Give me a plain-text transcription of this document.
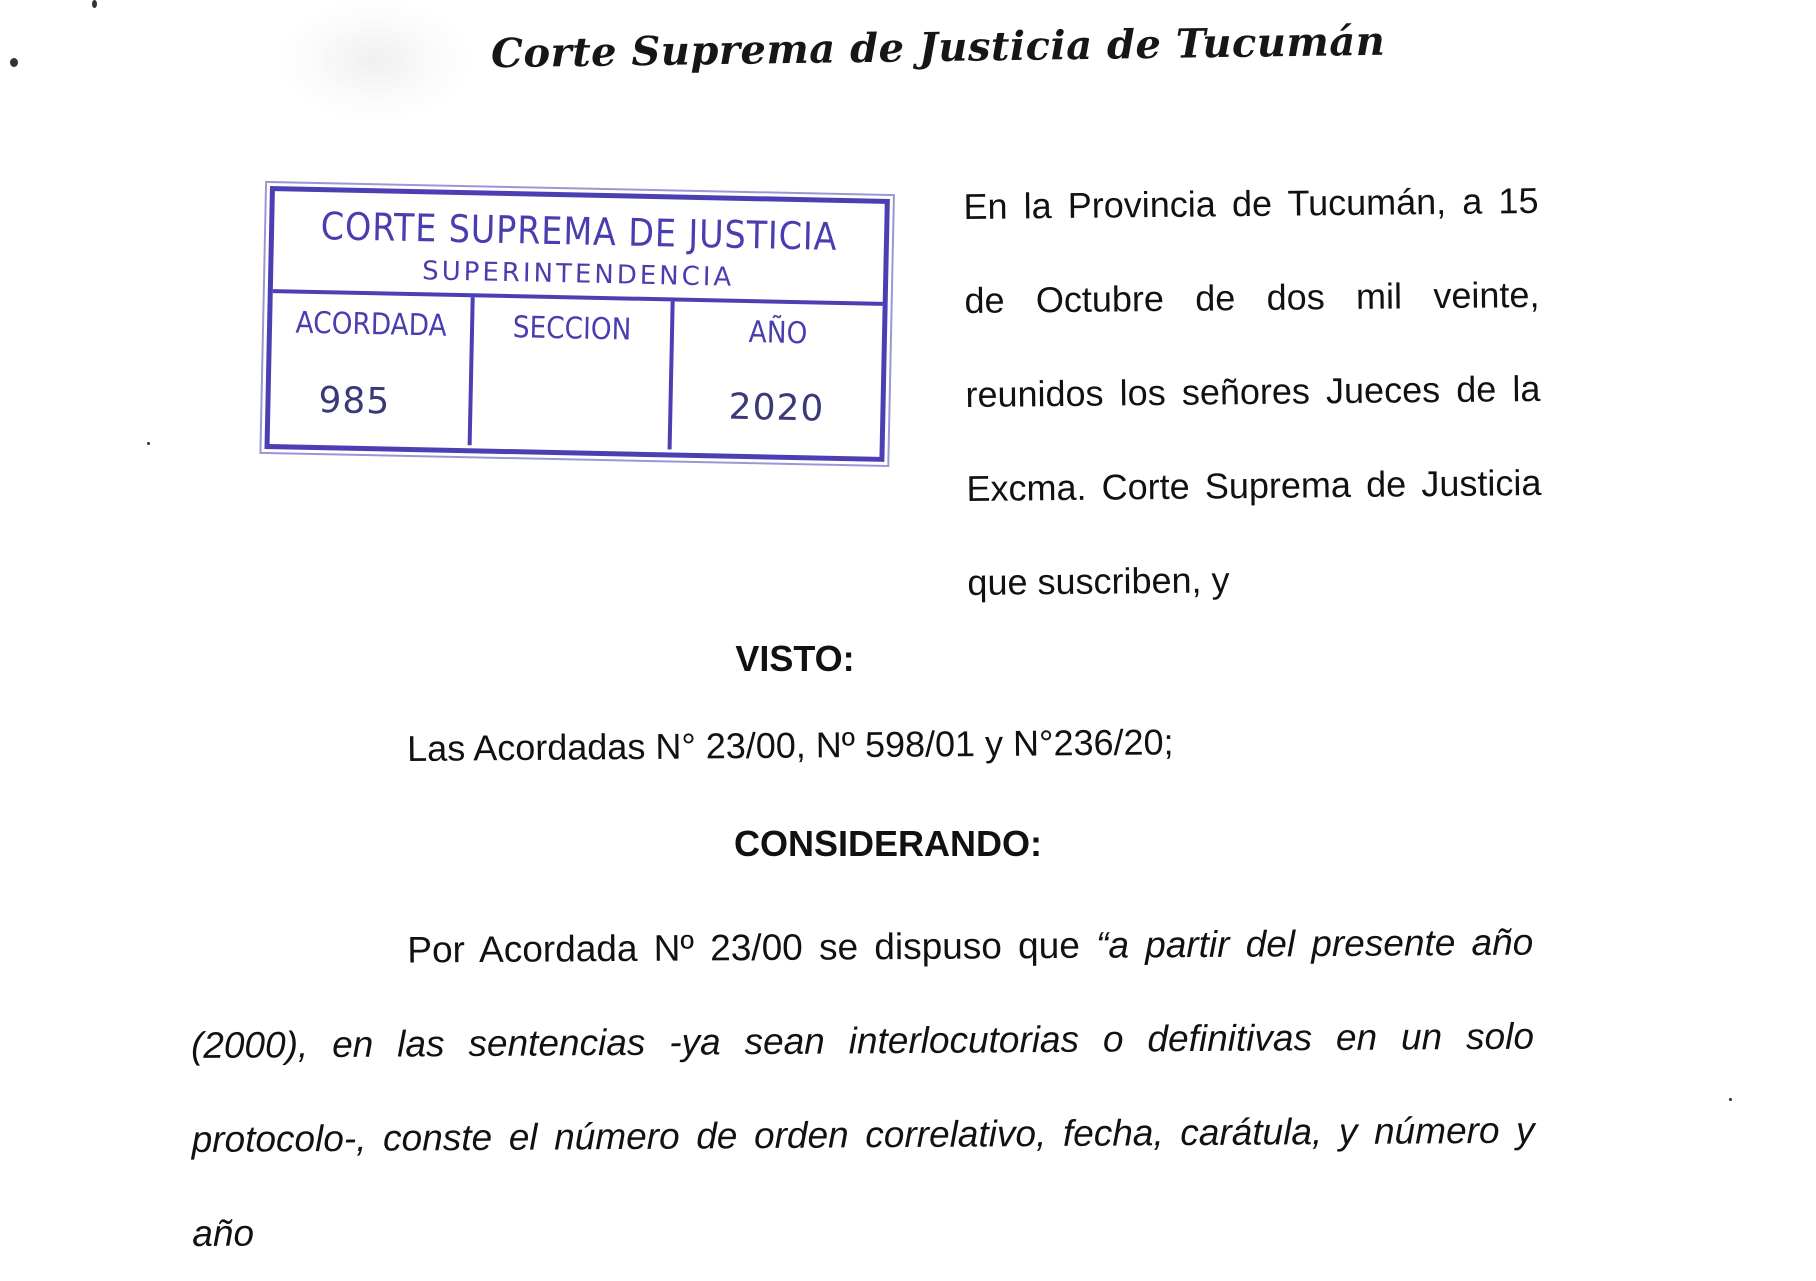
Corte Suprema de Justicia de Tucumán
CORTE SUPREMA DE JUSTICIA
SUPERINTENDENCIA
ACORDADA
985
SECCION	AÑO
2020
En la Provincia de Tucumán, a 15 de Octubre de dos mil veinte, reunidos los señores Jueces de la Excma. Corte Suprema de Justicia que suscriben, y
VISTO:
Las Acordadas N° 23/00, Nº 598/01 y N°236/20;
CONSIDERANDO:
Por Acordada Nº 23/00 se dispuso que “a partir del presente año (2000), en las sentencias -ya sean interlocutorias o definitivas en un solo protocolo-, conste el número de orden correlativo, fecha, carátula, y número y año
